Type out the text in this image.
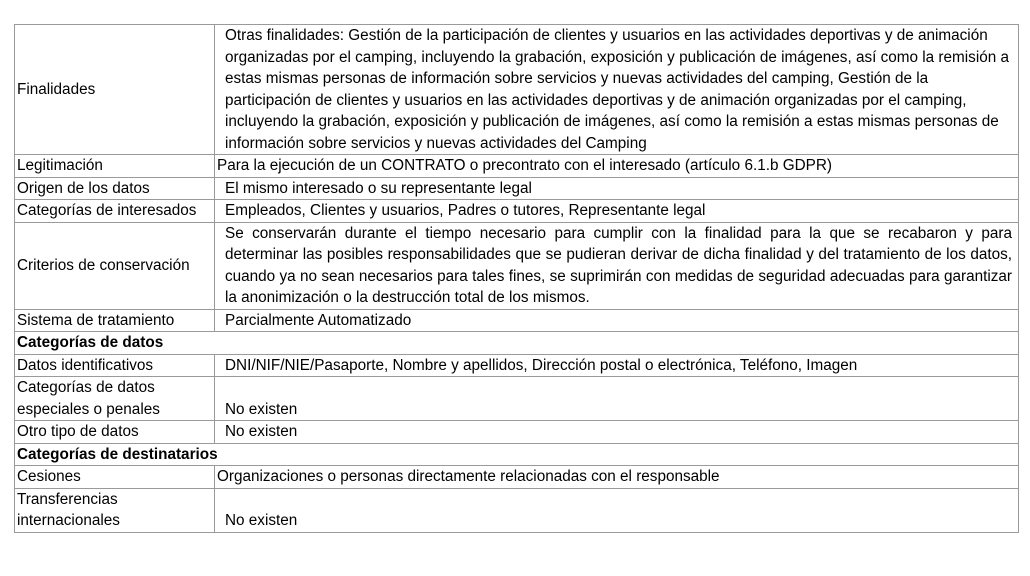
Finalidades	Otras finalidades: Gestión de la participación de clientes y usuarios en las actividades deportivas y de animación organizadas por el camping, incluyendo la grabación, exposición y publicación de imágenes, así como la remisión a estas mismas personas de información sobre servicios y nuevas actividades del camping, Gestión de la participación de clientes y usuarios en las actividades deportivas y de animación organizadas por el camping, incluyendo la grabación, exposición y publicación de imágenes, así como la remisión a estas mismas personas de información sobre servicios y nuevas actividades del Camping
Legitimación	Para la ejecución de un CONTRATO o precontrato con el interesado (artículo 6.1.b GDPR)
Origen de los datos	El mismo interesado o su representante legal
Categorías de interesados	Empleados, Clientes y usuarios, Padres o tutores, Representante legal
Criterios de conservación	Se conservarán durante el tiempo necesario para cumplir con la finalidad para la que se recabaron y para determinar las posibles responsabilidades que se pudieran derivar de dicha finalidad y del tratamiento de los datos, cuando ya no sean necesarios para tales fines, se suprimirán con medidas de seguridad adecuadas para garantizar la anonimización o la destrucción total de los mismos.
Sistema de tratamiento	Parcialmente Automatizado
Categorías de datos	
Datos identificativos	DNI/NIF/NIE/Pasaporte, Nombre y apellidos, Dirección postal o electrónica, Teléfono, Imagen
Categorías de datos especiales o penales	No existen
Otro tipo de datos	No existen
Categorías de destinatarios	
Cesiones	Organizaciones o personas directamente relacionadas con el responsable
Transferencias internacionales	No existen
